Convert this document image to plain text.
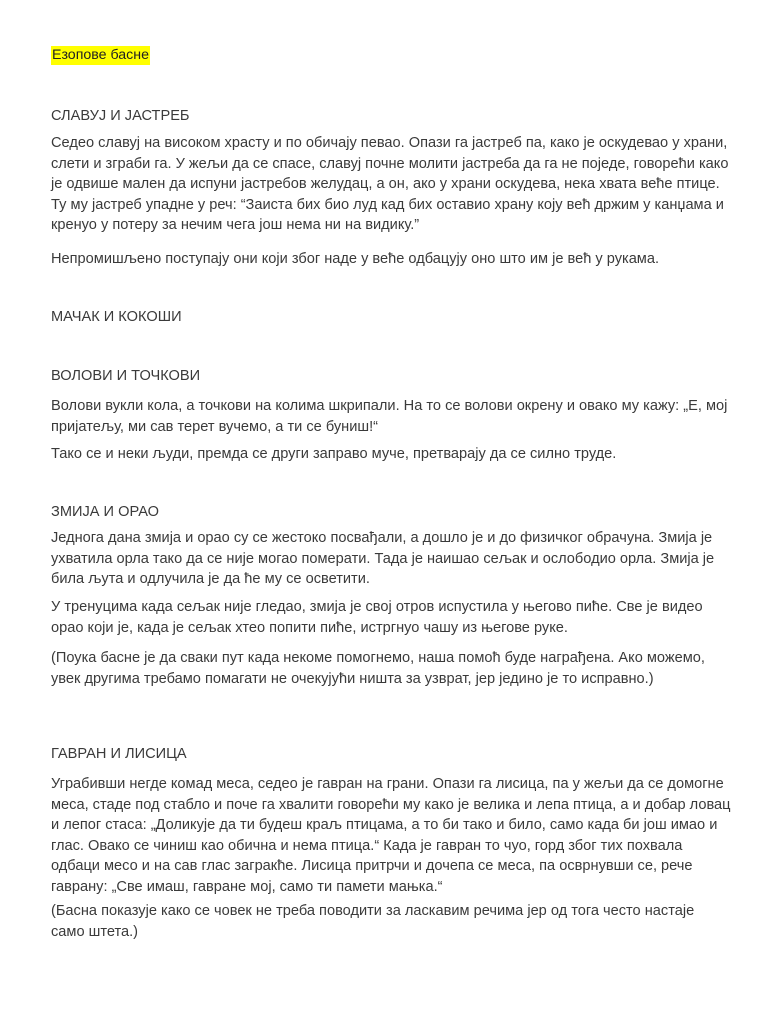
Езопове басне
СЛАВУЈ И ЈАСТРЕБ

Седео славуј на високом храсту и по обичају певао. Опази га јастреб па, како је оскудевао у храни, слети и зграби га. У жељи да се спасе, славуј почне молити јастреба да га не поједе, говорећи како је одвише мален да испуни јастребов желудац, а он, ако у храни оскудева, нека хвата веће птице. Ту му јастреб упадне у реч: “Заиста бих био луд кад бих оставио храну коју већ држим у канџама и кренуо у потеру за нечим чега још нема ни на видику.”

Непромишљено поступају они који због наде у веће одбацују оно што им је већ у рукама.

МАЧАК И КОКОШИ
ВОЛОВИ И ТОЧКОВИ

Волови вукли кола, а точкови на колима шкрипали. На то се волови окрену и овако му кажу: „Е, мој пријатељу, ми сав терет вучемо, а ти се буниш!“

Тако се и неки људи, премда се други заправо муче, претварају да се силно труде.

ЗМИЈА И ОРАО

Једнога дана змија и орао су се жестоко посвађали, а дошло је и до физичког обрачуна. Змија је ухватила орла тако да се није могао померати. Тада је наишао сељак и ослободио орла. Змија је била љута и одлучила је да ће му се осветити.

У тренуцима када сељак није гледао, змија је свој отров испустила у његово пиће. Све је видео орао који је, када је сељак хтео попити пиће, истргнуо чашу из његове руке.

(Поука басне је да сваки пут када некоме помогнемо, наша помоћ буде награђена. Ако можемо, увек другима требамо помагати не очекујући ништа за узврат, јер једино је то исправно.)

ГАВРАН И ЛИСИЦА

Уграбивши негде комад меса, седео је гавран на грани. Опази га лисица, па у жељи да се домогне меса, стаде под стабло и поче га хвалити говорећи му како је велика и лепа птица, а и добар ловац и лепог стаса: „Доликује да ти будеш краљ птицама, а то би тако и било, само када би још имао и глас. Овако се чиниш као обична и нема птица.“ Када је гавран то чуо, горд због тих похвала одбаци месо и на сав глас загракће. Лисица притрчи и дочепа се меса, па осврнувши се, рече гаврану: „Све имаш, гавране мој, само ти памети мањка.“

(Басна показује како се човек не треба поводити за ласкавим речима јер од тога често настаје само штета.)
